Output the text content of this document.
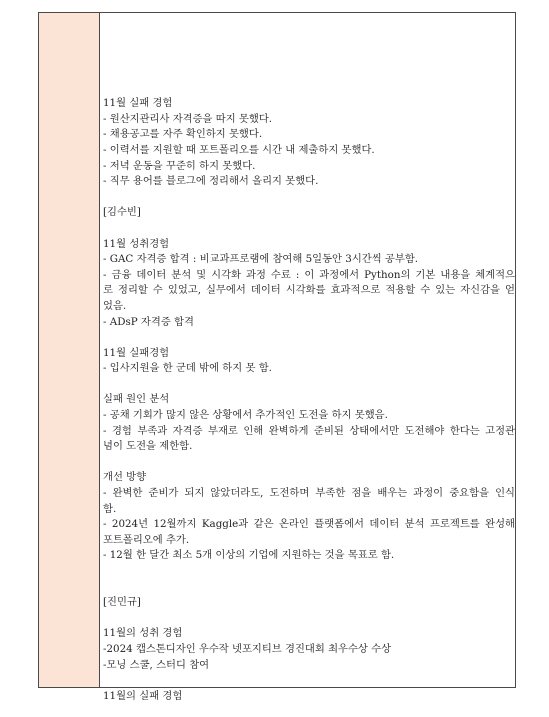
11월 실패 경험
- 원산지관리사 자격증을 따지 못했다.
- 채용공고를 자주 확인하지 못했다.
- 이력서를 지원할 때 포트폴리오를 시간 내 제출하지 못했다.
- 저녁 운동을 꾸준히 하지 못했다.
- 직무 용어를 블로그에 정리해서 올리지 못했다.
[김수빈]
11월 성취경험
- GAC 자격증 합격 : 비교과프로램에 참여해 5일동안 3시간씩 공부함.
- 금융 데이터 분석 및 시각화 과정 수료 : 이 과정에서 Python의 기본 내용을 체계적으
로 정리할 수 있었고, 실무에서 데이터 시각화를 효과적으로 적용할 수 있는 자신감을 얻
었음.
- ADsP 자격증 합격
11월 실패경험
- 입사지원을 한 군데 밖에 하지 못 함.
실패 원인 분석
- 공채 기회가 많지 않은 상황에서 추가적인 도전을 하지 못했음.
- 경험 부족과 자격증 부재로 인해 완벽하게 준비된 상태에서만 도전해야 한다는 고정관
념이 도전을 제한함.
개선 방향
- 완벽한 준비가 되지 않았더라도, 도전하며 부족한 점을 배우는 과정이 중요함을 인식
함.
- 2024년 12월까지 Kaggle과 같은 온라인 플랫폼에서 데이터 분석 프로젝트를 완성해
포트폴리오에 추가.
- 12월 한 달간 최소 5개 이상의 기업에 지원하는 것을 목표로 함.
[진민규]
11월의 성취 경험
-2024 캡스톤디자인 우수작 넷포지티브 경진대회 최우수상 수상
-모닝 스쿨, 스터디 참여
11월의 실패 경험
